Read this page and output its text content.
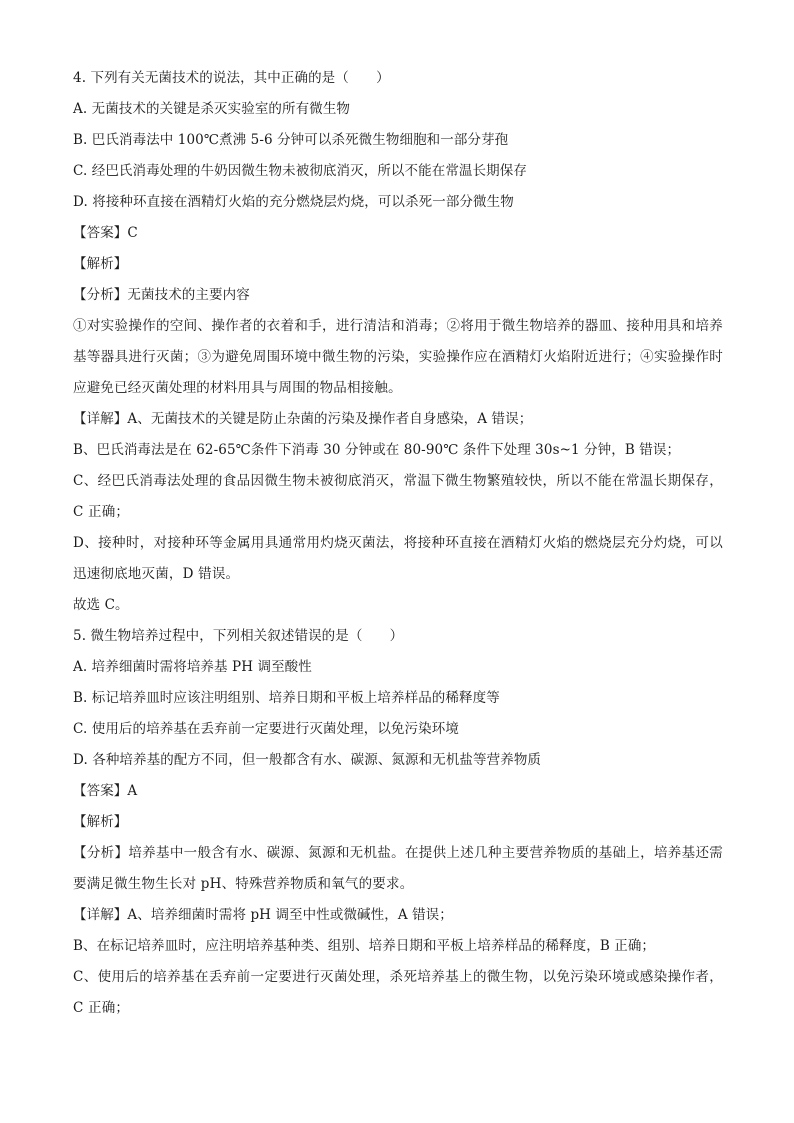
4. 下列有关无菌技术的说法，其中正确的是（　　）
A. 无菌技术的关键是杀灭实验室的所有微生物
B. 巴氏消毒法中 100℃煮沸 5-6 分钟可以杀死微生物细胞和一部分芽孢
C. 经巴氏消毒处理的牛奶因微生物未被彻底消灭，所以不能在常温长期保存
D. 将接种环直接在酒精灯火焰的充分燃烧层灼烧，可以杀死一部分微生物
【答案】C
【解析】
【分析】无菌技术的主要内容
①对实验操作的空间、操作者的衣着和手，进行清洁和消毒；②将用于微生物培养的器皿、接种用具和培养基等器具进行灭菌；③为避免周围环境中微生物的污染，实验操作应在酒精灯火焰附近进行；④实验操作时应避免已经灭菌处理的材料用具与周围的物品相接触。
【详解】A、无菌技术的关键是防止杂菌的污染及操作者自身感染，A 错误；
B、巴氏消毒法是在 62-65℃条件下消毒 30 分钟或在 80-90℃ 条件下处理 30s~1 分钟，B 错误；
C、经巴氏消毒法处理的食品因微生物未被彻底消灭，常温下微生物繁殖较快，所以不能在常温长期保存，C 正确；
D、接种时，对接种环等金属用具通常用灼烧灭菌法，将接种环直接在酒精灯火焰的燃烧层充分灼烧，可以迅速彻底地灭菌，D 错误。
故选 C。
5. 微生物培养过程中，下列相关叙述错误的是（　　）
A. 培养细菌时需将培养基 PH 调至酸性
B. 标记培养皿时应该注明组别、培养日期和平板上培养样品的稀释度等
C. 使用后的培养基在丢弃前一定要进行灭菌处理，以免污染环境
D. 各种培养基的配方不同，但一般都含有水、碳源、氮源和无机盐等营养物质
【答案】A
【解析】
【分析】培养基中一般含有水、碳源、氮源和无机盐。在提供上述几种主要营养物质的基础上，培养基还需要满足微生物生长对 pH、特殊营养物质和氧气的要求。
【详解】A、培养细菌时需将 pH 调至中性或微碱性，A 错误；
B、在标记培养皿时，应注明培养基种类、组别、培养日期和平板上培养样品的稀释度，B 正确；
C、使用后的培养基在丢弃前一定要进行灭菌处理，杀死培养基上的微生物，以免污染环境或感染操作者，C 正确；
